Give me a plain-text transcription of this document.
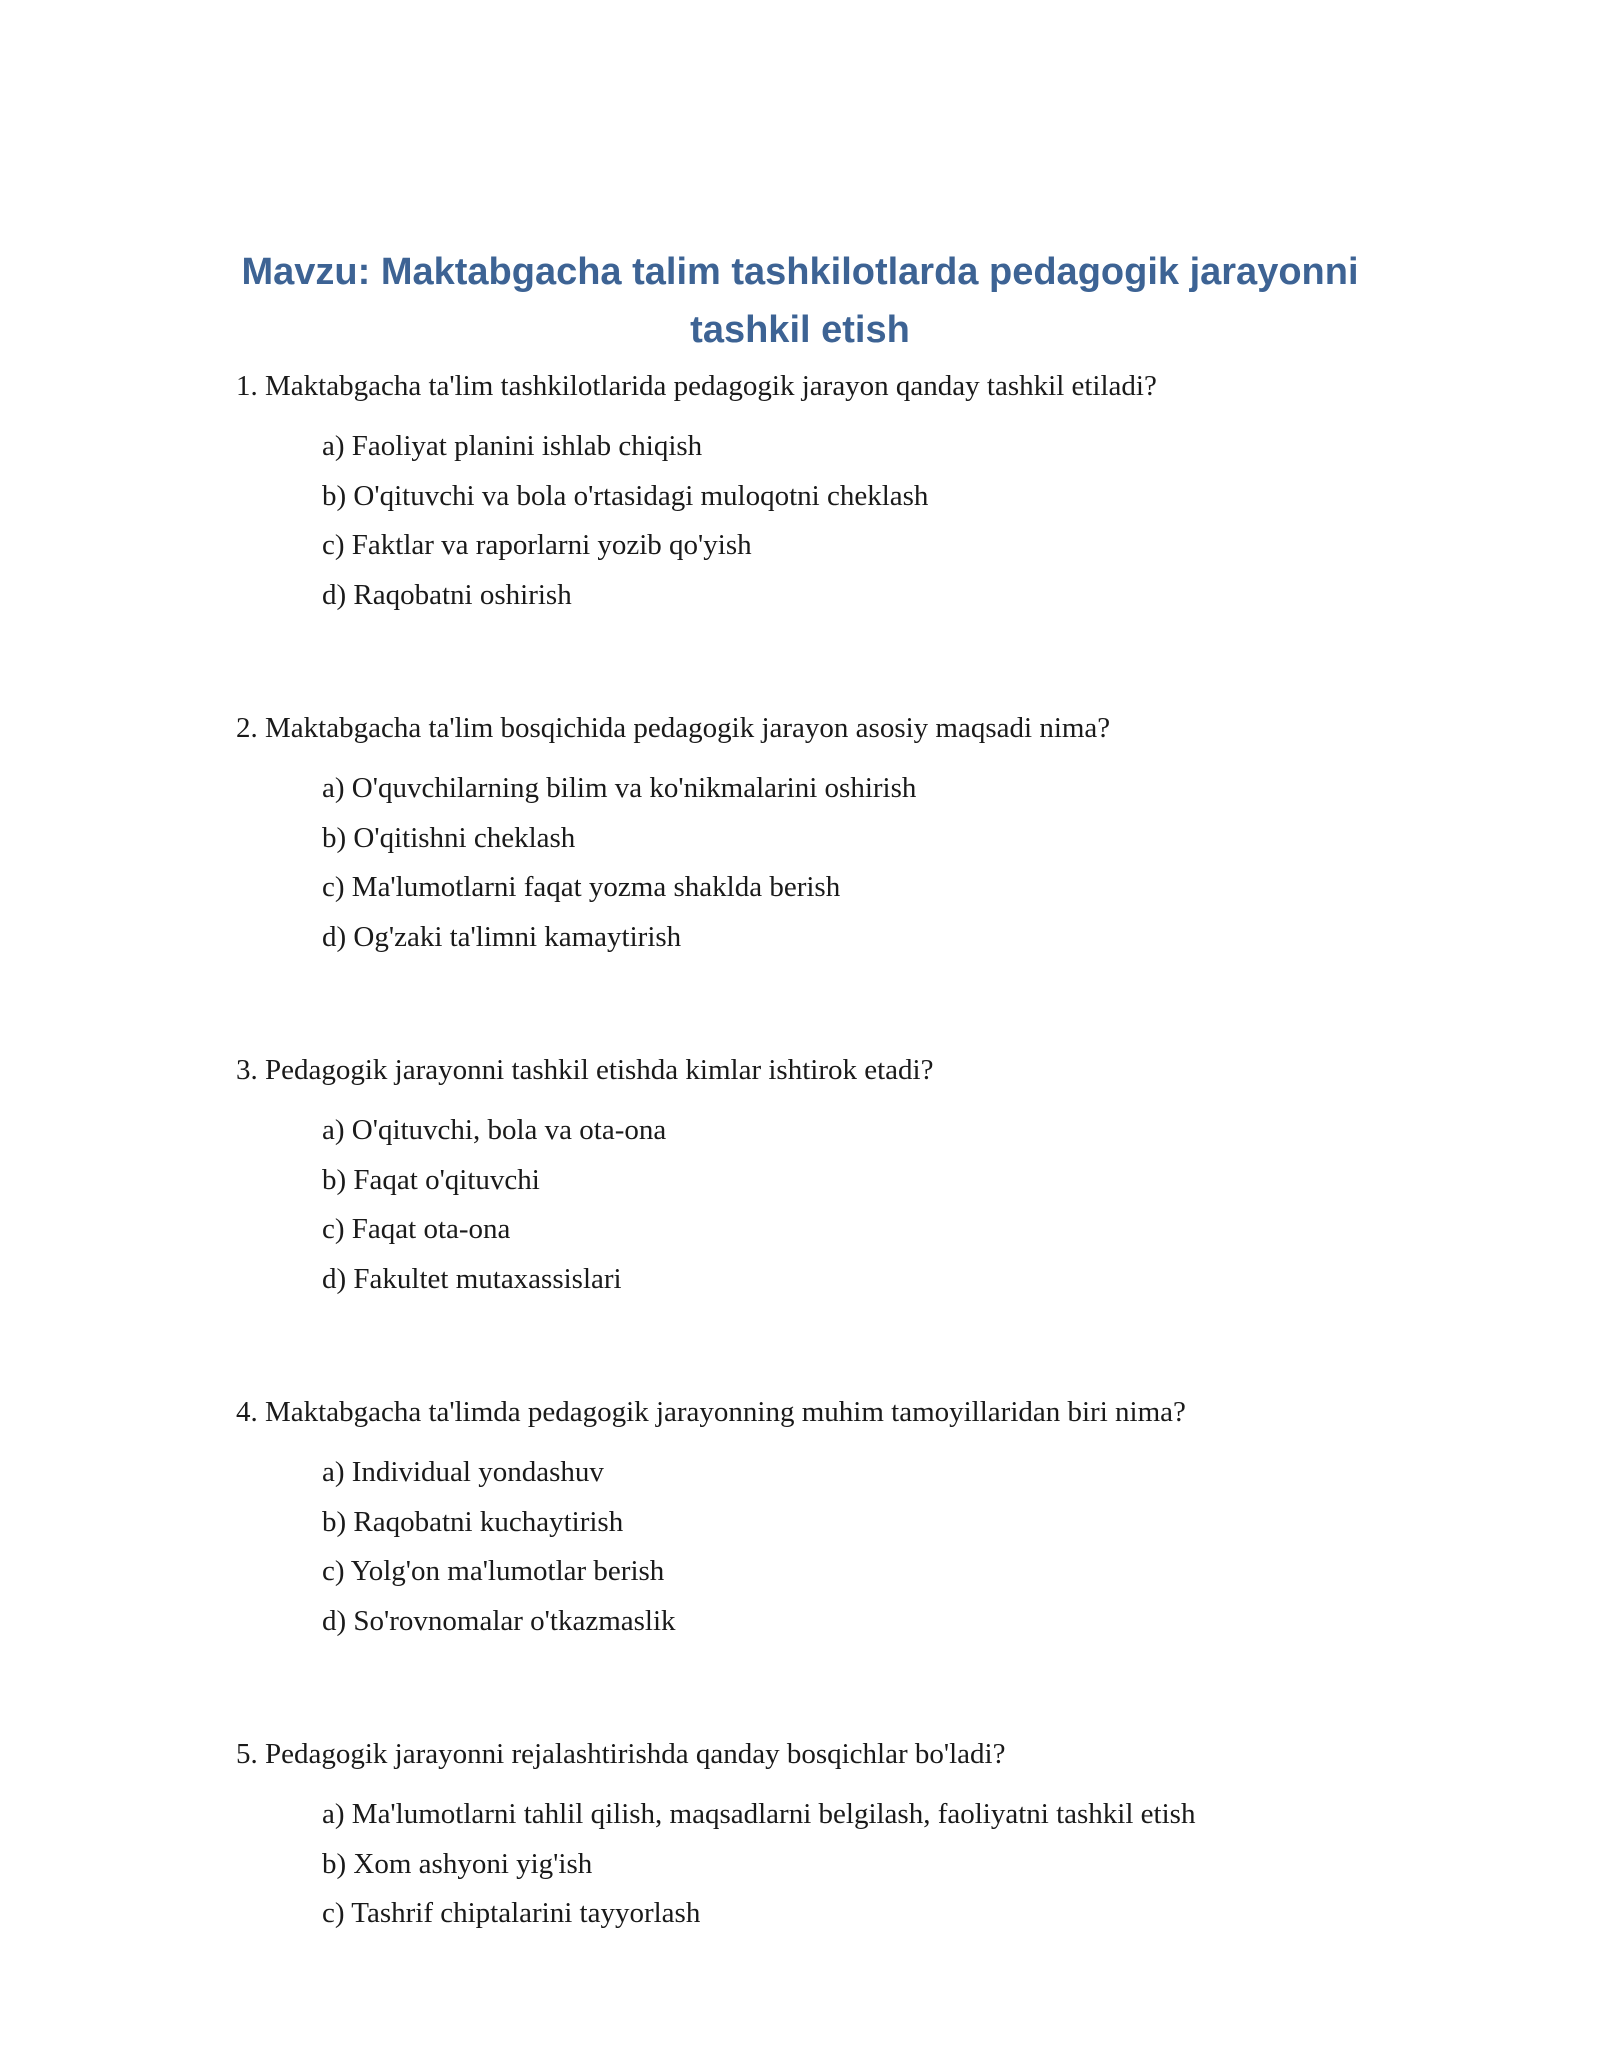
Mavzu: Maktabgacha talim tashkilotlarda pedagogik jarayonni tashkil etish

1. Maktabgacha ta'lim tashkilotlarida pedagogik jarayon qanday tashkil etiladi?

a) Faoliyat planini ishlab chiqish
b) O'qituvchi va bola o'rtasidagi muloqotni cheklash
c) Faktlar va raporlarni yozib qo'yish
d) Raqobatni oshirish

2. Maktabgacha ta'lim bosqichida pedagogik jarayon asosiy maqsadi nima?

a) O'quvchilarning bilim va ko'nikmalarini oshirish
b) O'qitishni cheklash
c) Ma'lumotlarni faqat yozma shaklda berish
d) Og'zaki ta'limni kamaytirish

3. Pedagogik jarayonni tashkil etishda kimlar ishtirok etadi?

a) O'qituvchi, bola va ota-ona
b) Faqat o'qituvchi
c) Faqat ota-ona
d) Fakultet mutaxassislari

4. Maktabgacha ta'limda pedagogik jarayonning muhim tamoyillaridan biri nima?

a) Individual yondashuv
b) Raqobatni kuchaytirish
c) Yolg'on ma'lumotlar berish
d) So'rovnomalar o'tkazmaslik

5. Pedagogik jarayonni rejalashtirishda qanday bosqichlar bo'ladi?

a) Ma'lumotlarni tahlil qilish, maqsadlarni belgilash, faoliyatni tashkil etish
b) Xom ashyoni yig'ish
c) Tashrif chiptalarini tayyorlash
